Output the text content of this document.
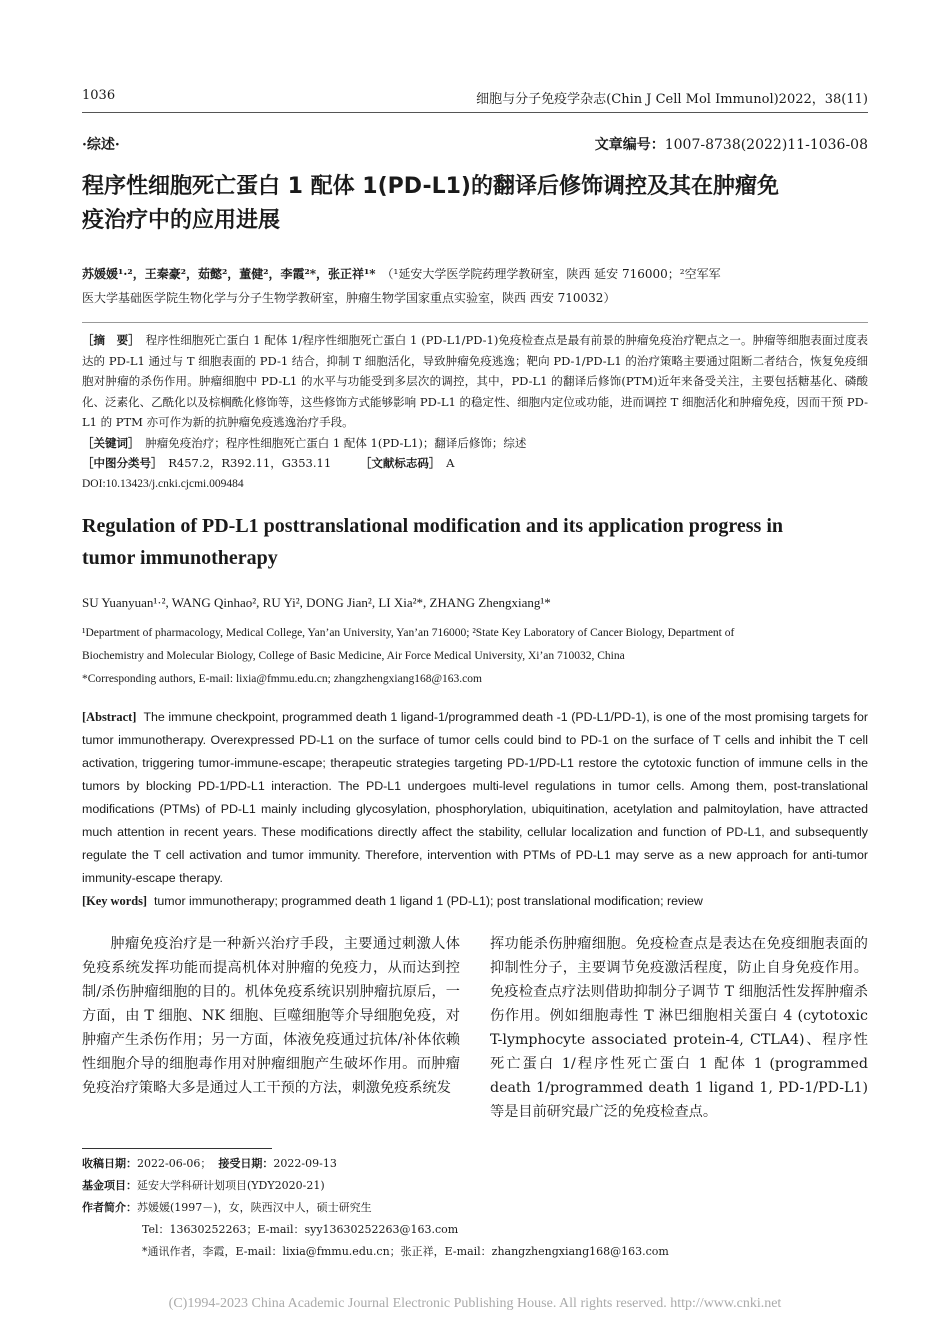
1036	细胞与分子免疫学杂志(Chin J Cell Mol Immunol)2022，38(11)
·综述·	文章编号：1007-8738(2022)11-1036-08
程序性细胞死亡蛋白 1 配体 1(PD-L1)的翻译后修饰调控及其在肿瘤免
疫治疗中的应用进展
苏媛媛¹·²，王秦豪²，茹懿²，董健²，李霞²*，张正祥¹*　 （¹延安大学医学院药理学教研室，陕西 延安 716000；²空军军
医大学基础医学院生物化学与分子生物学教研室，肿瘤生物学国家重点实验室，陕西 西安 710032）
［摘　要］　 程序性细胞死亡蛋白 1 配体 1/程序性细胞死亡蛋白 1 (PD-L1/PD-1)免疫检查点是最有前景的肿瘤免疫治疗靶点之一。肿瘤等细胞表面过度表达的 PD-L1 通过与 T 细胞表面的 PD-1 结合，抑制 T 细胞活化，导致肿瘤免疫逃逸；靶向 PD-1/PD-L1 的治疗策略主要通过阻断二者结合，恢复免疫细胞对肿瘤的杀伤作用。肿瘤细胞中 PD-L1 的水平与功能受到多层次的调控，其中，PD-L1 的翻译后修饰(PTM)近年来备受关注，主要包括糖基化、磷酸化、泛素化、乙酰化以及棕榈酰化修饰等，这些修饰方式能够影响 PD-L1 的稳定性、细胞内定位或功能，进而调控 T 细胞活化和肿瘤免疫，因而干预 PD-L1 的 PTM 亦可作为新的抗肿瘤免疫逃逸治疗手段。
［关键词］　 肿瘤免疫治疗；程序性细胞死亡蛋白 1 配体 1(PD-L1)；翻译后修饰；综述
［中图分类号］　 R457.2，R392.11，G353.11　　　	［文献标志码］　 A
DOI:10.13423/j.cnki.cjcmi.009484
Regulation of PD-L1 posttranslational modification and its application progress in
tumor immunotherapy
SU Yuanyuan¹·², WANG Qinhao², RU Yi², DONG Jian², LI Xia²*, ZHANG Zhengxiang¹*
¹Department of pharmacology, Medical College, Yan’an University, Yan’an 716000; ²State Key Laboratory of Cancer Biology, Department of
Biochemistry and Molecular Biology, College of Basic Medicine, Air Force Medical University, Xi’an 710032, China
*Corresponding authors, E-mail: lixia@fmmu.edu.cn; zhangzhengxiang168@163.com
[Abstract] The immune checkpoint, programmed death 1 ligand-1/programmed death -1 (PD-L1/PD-1), is one of the most promising targets for tumor immunotherapy. Overexpressed PD-L1 on the surface of tumor cells could bind to PD-1 on the surface of T cells and inhibit the T cell activation, triggering tumor-immune-escape; therapeutic strategies targeting PD-1/PD-L1 restore the cytotoxic function of immune cells in the tumors by blocking PD-1/PD-L1 interaction. The PD-L1 undergoes multi-level regulations in tumor cells. Among them, post-translational modifications (PTMs) of PD-L1 mainly including glycosylation, phosphorylation, ubiquitination, acetylation and palmitoylation, have attracted much attention in recent years. These modifications directly affect the stability, cellular localization and function of PD-L1, and subsequently regulate the T cell activation and tumor immunity. Therefore, intervention with PTMs of PD-L1 may serve as a new approach for anti-tumor immunity-escape therapy.
[Key words] tumor immunotherapy; programmed death 1 ligand 1 (PD-L1); post translational modification; review

肿瘤免疫治疗是一种新兴治疗手段，主要通过刺激人体免疫系统发挥功能而提高机体对肿瘤的免疫力，从而达到控制/杀伤肿瘤细胞的目的。机体免疫系统识别肿瘤抗原后，一方面，由 T 细胞、NK 细胞、巨噬细胞等介导细胞免疫，对肿瘤产生杀伤作用；另一方面，体液免疫通过抗体/补体依赖性细胞介导的细胞毒作用对肿瘤细胞产生破坏作用。而肿瘤免疫治疗策略大多是通过人工干预的方法，刺激免疫系统发

挥功能杀伤肿瘤细胞。免疫检查点是表达在免疫细胞表面的抑制性分子，主要调节免疫激活程度，防止自身免疫作用。免疫检查点疗法则借助抑制分子调节 T 细胞活性发挥肿瘤杀伤作用。例如细胞毒性 T 淋巴细胞相关蛋白 4 (cytotoxic T-lymphocyte associated protein-4, CTLA4)、程序性死亡蛋白 1/程序性死亡蛋白 1 配体 1 (programmed death 1/programmed death 1 ligand 1, PD-1/PD-L1)等是目前研究最广泛的免疫检查点。

收稿日期：2022-06-06； 接受日期：2022-09-13
基金项目：延安大学科研计划项目(YDY2020-21)
作者简介：苏媛媛(1997－)，女，陕西汉中人，硕士研究生
Tel：13630252263；E-mail：syy13630252263@163.com
*通讯作者，李霞，E-mail：lixia@fmmu.edu.cn；张正祥，E-mail：zhangzhengxiang168@163.com
(C)1994-2023 China Academic Journal Electronic Publishing House. All rights reserved. http://www.cnki.net
